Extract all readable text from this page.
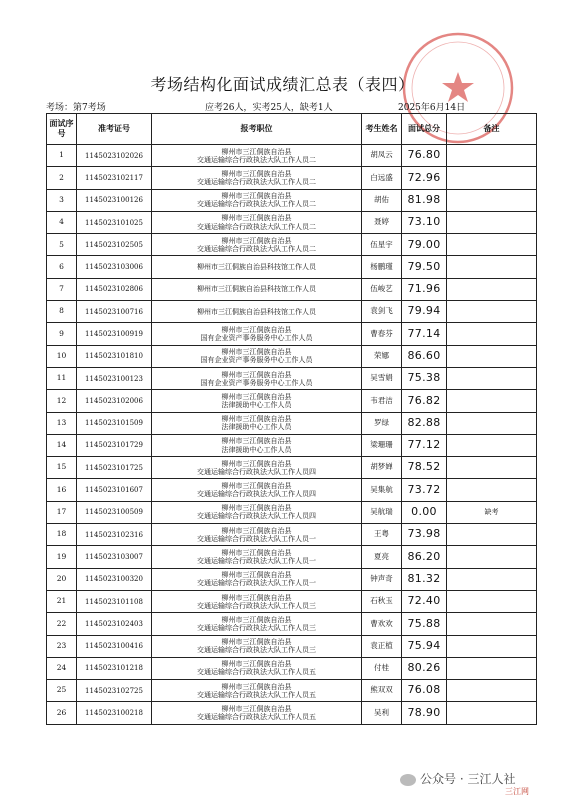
考场结构化面试成绩汇总表（表四）
考场：第7考场	应考26人，实考25人，缺考1人	2025年6月14日
面试序号	准考证号	报考职位	考生姓名	面试总分	备注
1	1145023102026	柳州市三江侗族自治县
交通运输综合行政执法大队工作人员二	胡凤云	76.80	
2	1145023102117	柳州市三江侗族自治县
交通运输综合行政执法大队工作人员二	白远盛	72.96	
3	1145023100126	柳州市三江侗族自治县
交通运输综合行政执法大队工作人员二	胡佑	81.98	
4	1145023101025	柳州市三江侗族自治县
交通运输综合行政执法大队工作人员二	聂婷	73.10	
5	1145023102505	柳州市三江侗族自治县
交通运输综合行政执法大队工作人员二	伍星宇	79.00	
6	1145023103006	柳州市三江侗族自治县科技馆工作人员	杨鹏瑾	79.50	
7	1145023102806	柳州市三江侗族自治县科技馆工作人员	伍峻艺	71.96	
8	1145023100716	柳州市三江侗族自治县科技馆工作人员	袁剑飞	79.94	
9	1145023100919	柳州市三江侗族自治县
国有企业资产事务服务中心工作人员	曹春芬	77.14	
10	1145023101810	柳州市三江侗族自治县
国有企业资产事务服务中心工作人员	荣娜	86.60	
11	1145023100123	柳州市三江侗族自治县
国有企业资产事务服务中心工作人员	吴雪娟	75.38	
12	1145023102006	柳州市三江侗族自治县
法律援助中心工作人员	韦君洁	76.82	
13	1145023101509	柳州市三江侗族自治县
法律援助中心工作人员	罗绿	82.88	
14	1145023101729	柳州市三江侗族自治县
法律援助中心工作人员	梁珊珊	77.12	
15	1145023101725	柳州市三江侗族自治县
交通运输综合行政执法大队工作人员四	胡梦婵	78.52	
16	1145023101607	柳州市三江侗族自治县
交通运输综合行政执法大队工作人员四	吴集航	73.72	
17	1145023100509	柳州市三江侗族自治县
交通运输综合行政执法大队工作人员四	吴航瑞	0.00	缺考
18	1145023102316	柳州市三江侗族自治县
交通运输综合行政执法大队工作人员一	王粤	73.98	
19	1145023103007	柳州市三江侗族自治县
交通运输综合行政执法大队工作人员一	夏亮	86.20	
20	1145023100320	柳州市三江侗族自治县
交通运输综合行政执法大队工作人员一	钟声奇	81.32	
21	1145023101108	柳州市三江侗族自治县
交通运输综合行政执法大队工作人员三	石秋玉	72.40	
22	1145023102403	柳州市三江侗族自治县
交通运输综合行政执法大队工作人员三	曹欢欢	75.88	
23	1145023100416	柳州市三江侗族自治县
交通运输综合行政执法大队工作人员三	袁正植	75.94	
24	1145023101218	柳州市三江侗族自治县
交通运输综合行政执法大队工作人员五	付桂	80.26	
25	1145023102725	柳州市三江侗族自治县
交通运输综合行政执法大队工作人员五	熊双双	76.08	
26	1145023100218	柳州市三江侗族自治县
交通运输综合行政执法大队工作人员五	吴利	78.90	
公众号 · 三江人社
三江网
